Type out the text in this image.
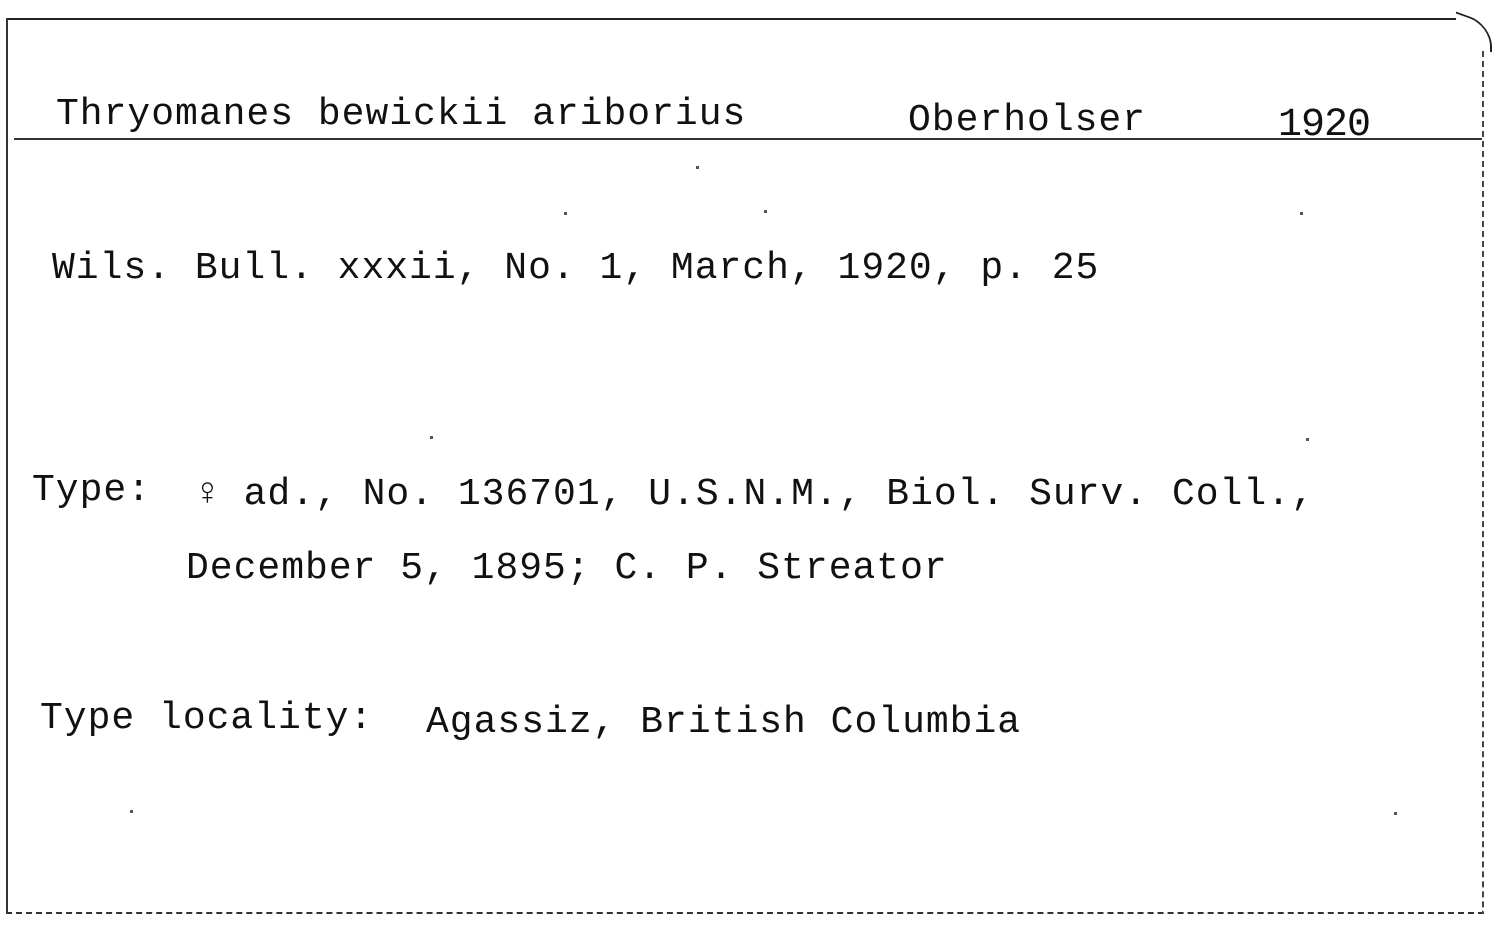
Thryomanes bewickii ariborius	Oberholser	1920
Wils. Bull. xxxii, No. 1, March, 1920, p. 25
Type: ♀ ad., No. 136701, U.S.N.M., Biol. Surv. Coll.,
December 5, 1895; C. P. Streator
Type locality: Agassiz, British Columbia
